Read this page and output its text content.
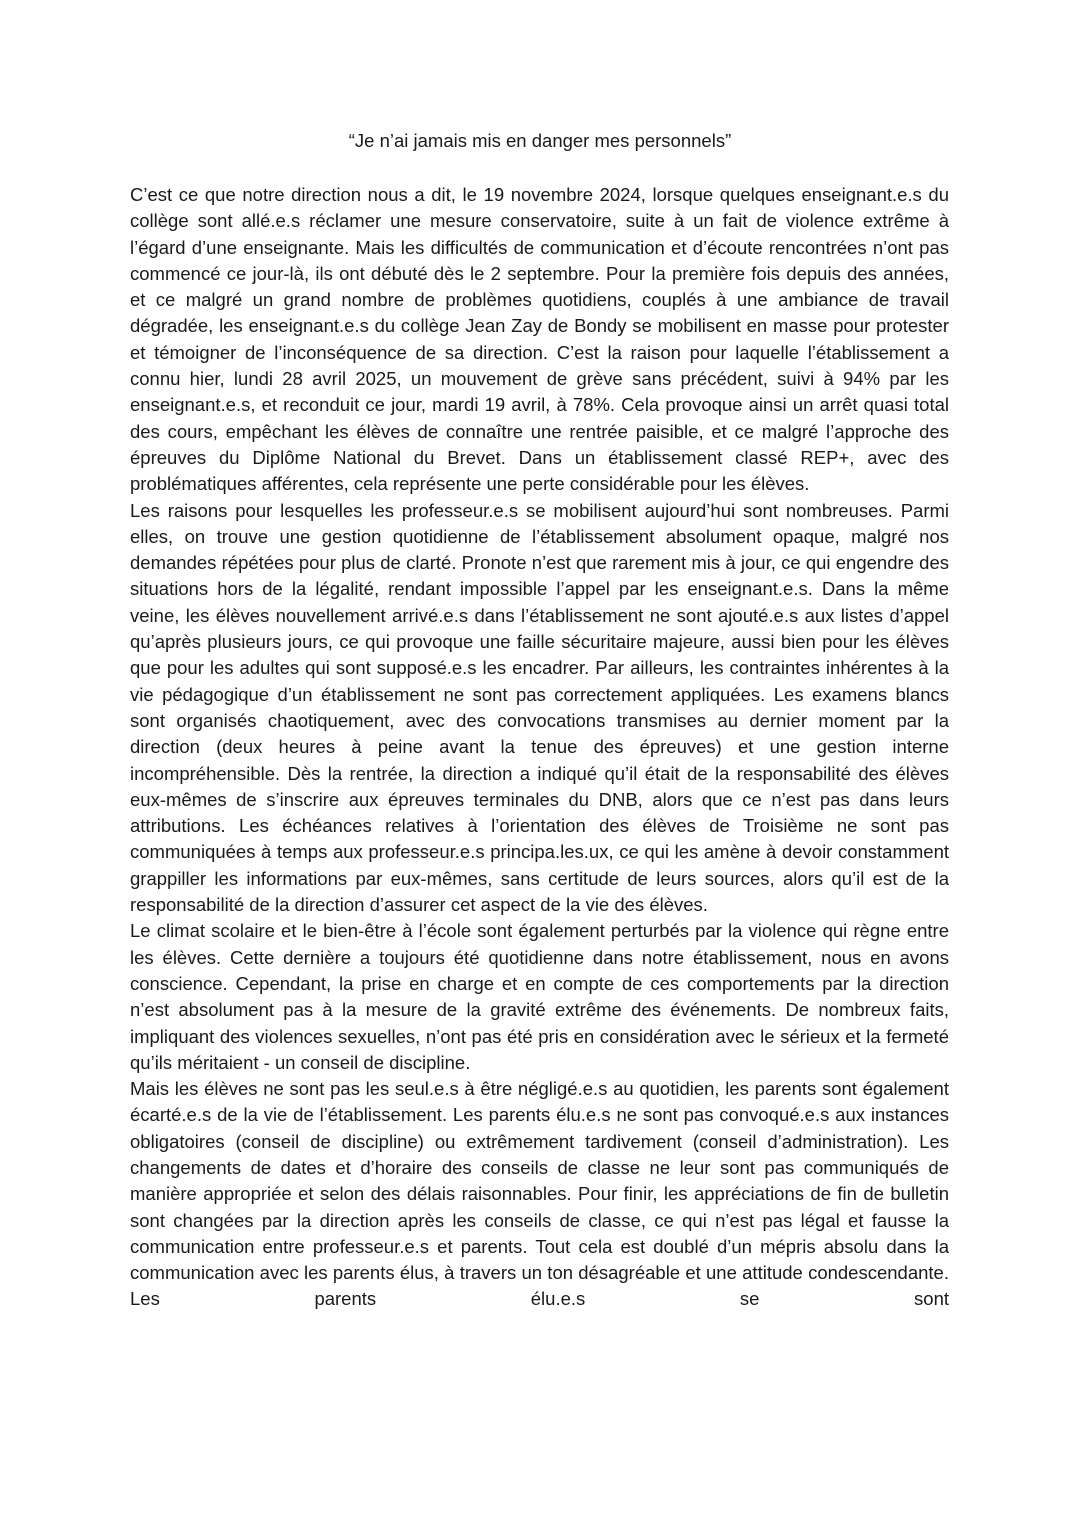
“Je n’ai jamais mis en danger mes personnels”

C’est ce que notre direction nous a dit, le 19 novembre 2024, lorsque quelques enseignant.e.s du collège sont allé.e.s réclamer une mesure conservatoire, suite à un fait de violence extrême à l’égard d’une enseignante. Mais les difficultés de communication et d’écoute rencontrées n’ont pas commencé ce jour-là, ils ont débuté dès le 2 septembre. Pour la première fois depuis des années, et ce malgré un grand nombre de problèmes quotidiens, couplés à une ambiance de travail dégradée, les enseignant.e.s du collège Jean Zay de Bondy se mobilisent en masse pour protester et témoigner de l’inconséquence de sa direction. C’est la raison pour laquelle l’établissement a connu hier, lundi 28 avril 2025, un mouvement de grève sans précédent, suivi à 94% par les enseignant.e.s, et reconduit ce jour, mardi 19 avril, à 78%. Cela provoque ainsi un arrêt quasi total des cours, empêchant les élèves de connaître une rentrée paisible, et ce malgré l’approche des épreuves du Diplôme National du Brevet. Dans un établissement classé REP+, avec des problématiques afférentes, cela représente une perte considérable pour les élèves.

Les raisons pour lesquelles les professeur.e.s se mobilisent aujourd’hui sont nombreuses. Parmi elles, on trouve une gestion quotidienne de l’établissement absolument opaque, malgré nos demandes répétées pour plus de clarté. Pronote n’est que rarement mis à jour, ce qui engendre des situations hors de la légalité, rendant impossible l’appel par les enseignant.e.s. Dans la même veine, les élèves nouvellement arrivé.e.s dans l’établissement ne sont ajouté.e.s aux listes d’appel qu’après plusieurs jours, ce qui provoque une faille sécuritaire majeure, aussi bien pour les élèves que pour les adultes qui sont supposé.e.s les encadrer. Par ailleurs, les contraintes inhérentes à la vie pédagogique d’un établissement ne sont pas correctement appliquées. Les examens blancs sont organisés chaotiquement, avec des convocations transmises au dernier moment par la direction (deux heures à peine avant la tenue des épreuves) et une gestion interne incompréhensible. Dès la rentrée, la direction a indiqué qu’il était de la responsabilité des élèves eux-mêmes de s’inscrire aux épreuves terminales du DNB, alors que ce n’est pas dans leurs attributions. Les échéances relatives à l’orientation des élèves de Troisième ne sont pas communiquées à temps aux professeur.e.s principa.les.ux, ce qui les amène à devoir constamment grappiller les informations par eux-mêmes, sans certitude de leurs sources, alors qu’il est de la responsabilité de la direction d’assurer cet aspect de la vie des élèves.

Le climat scolaire et le bien-être à l’école sont également perturbés par la violence qui règne entre les élèves. Cette dernière a toujours été quotidienne dans notre établissement, nous en avons conscience. Cependant, la prise en charge et en compte de ces comportements par la direction n’est absolument pas à la mesure de la gravité extrême des événements. De nombreux faits, impliquant des violences sexuelles, n’ont pas été pris en considération avec le sérieux et la fermeté qu’ils méritaient - un conseil de discipline.

Mais les élèves ne sont pas les seul.e.s à être négligé.e.s au quotidien, les parents sont également écarté.e.s de la vie de l’établissement. Les parents élu.e.s ne sont pas convoqué.e.s aux instances obligatoires (conseil de discipline) ou extrêmement tardivement (conseil d’administration). Les changements de dates et d’horaire des conseils de classe ne leur sont pas communiqués de manière appropriée et selon des délais raisonnables. Pour finir, les appréciations de fin de bulletin sont changées par la direction après les conseils de classe, ce qui n’est pas légal et fausse la communication entre professeur.e.s et parents. Tout cela est doublé d’un mépris absolu dans la communication avec les parents élus, à travers un ton désagréable et une attitude condescendante. Les parents élu.e.s se sont
